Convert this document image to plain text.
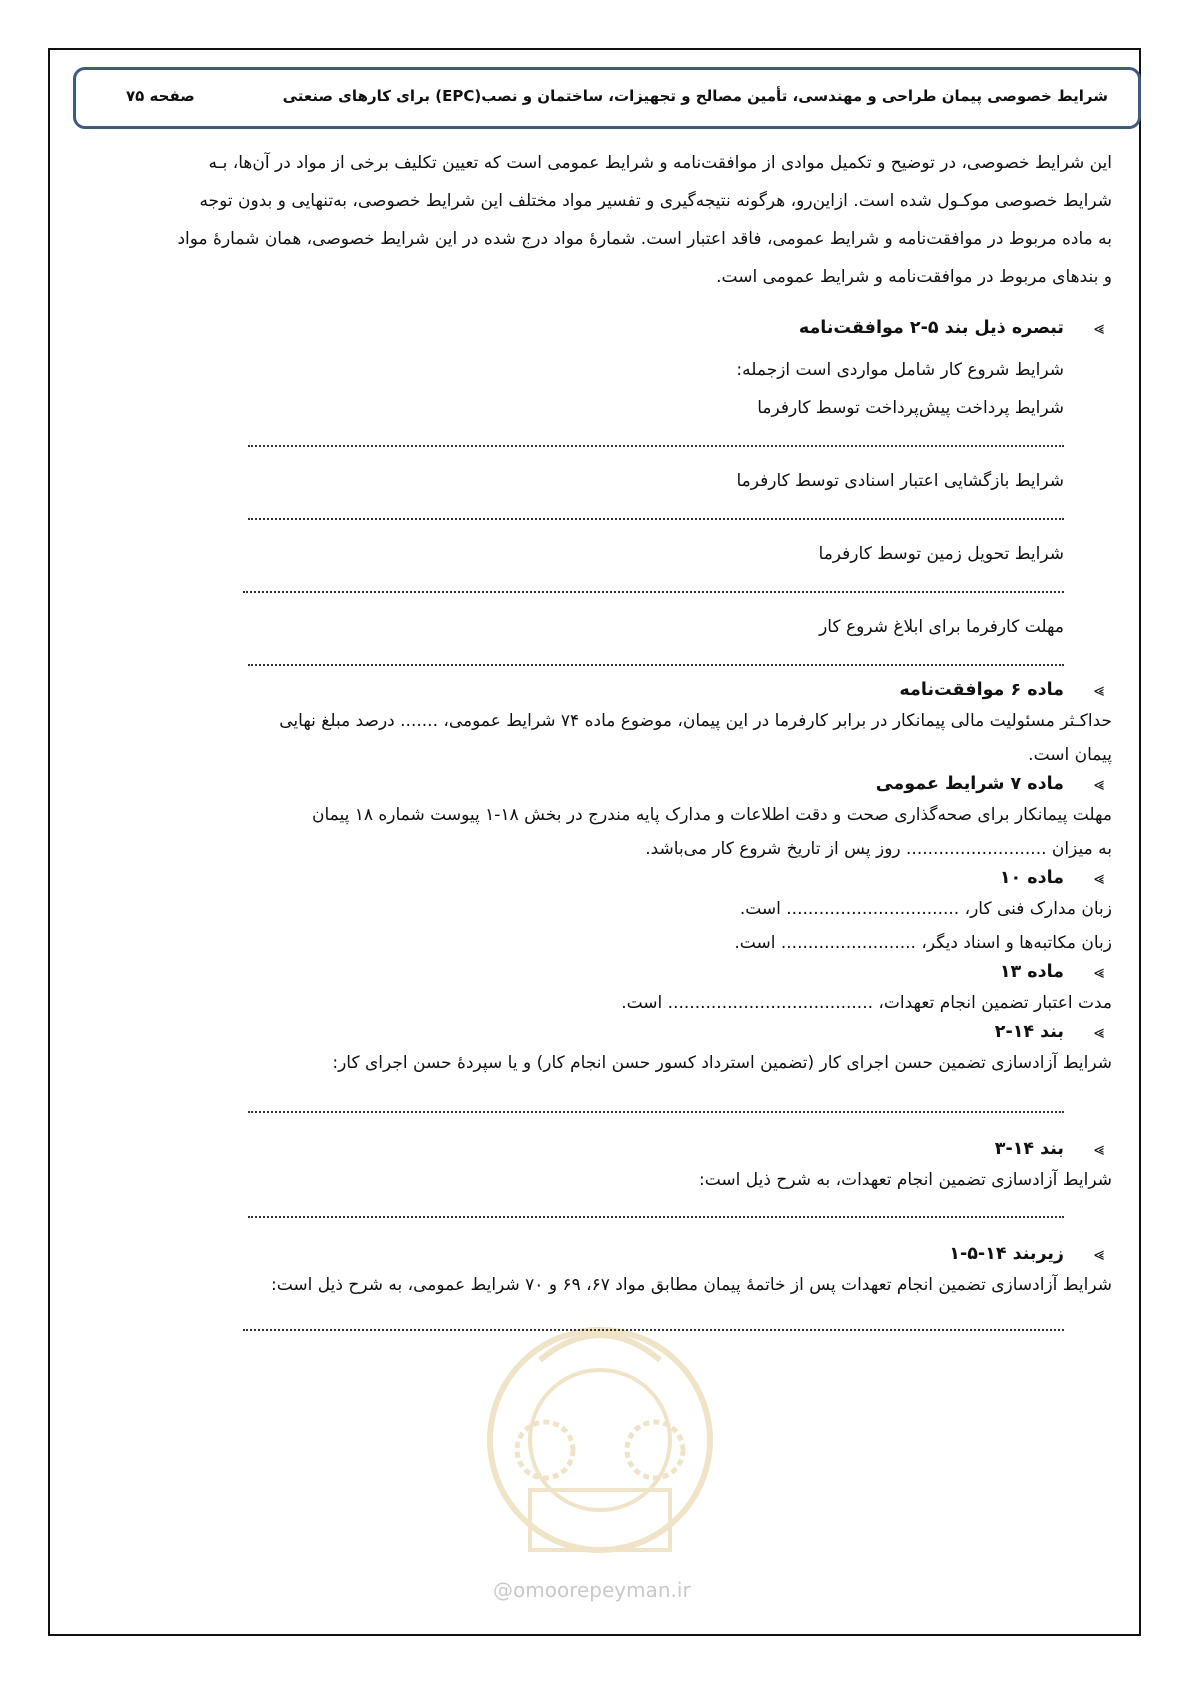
شرایط خصوصی پیمان طراحی و مهندسی، تأمین مصالح و تجهیزات، ساختمان و نصب(EPC) برای کارهای صنعتی
صفحه ۷۵
@omoorepeyman.ir

این شرایط خصوصی، در توضیح و تکمیل موادی از موافقت‌نامه و شرایط عمومی است که تعیین تکلیف برخی از مواد در آن‌ها، بـه

شرایط خصوصی موکـول شده است. ازاین‌رو، هرگونه نتیجه‌گیری و تفسیر مواد مختلف این شرایط خصوصی، به‌تنهایی و بدون توجه

به ماده مربوط در موافقت‌نامه و شرایط عمومی، فاقد اعتبار است. شمارهٔ مواد درج شده در این شرایط خصوصی، همان شمارهٔ مواد

و بندهای مربوط در موافقت‌نامه و شرایط عمومی است.

⪢
تبصره ذیل بند ۵-۲ موافقت‌نامه

شرایط شروع کار شامل مواردی است ازجمله:

شرایط پرداخت پیش‌پرداخت توسط کارفرما

شرایط بازگشایی اعتبار اسنادی توسط کارفرما

شرایط تحویل زمین توسط کارفرما

مهلت کارفرما برای ابلاغ شروع کار

⪢
ماده ۶ موافقت‌نامه

حداکـثر مسئولیت مالی پیمانکار در برابر کارفرما در این پیمان، موضوع ماده ۷۴ شرایط عمومی، ....... درصد مبلغ نهایی

پیمان است.

⪢
ماده ۷ شرایط عمومی

مهلت پیمانکار برای صحه‌گذاری صحت و دقت اطلاعات و مدارک پایه مندرج در بخش ۱۸-۱ پیوست شماره ۱۸ پیمان

به میزان .......................... روز پس از تاریخ شروع کار می‌باشد.

⪢
ماده ۱۰

زبان مدارک فنی کار، ................................ است.

زبان مکاتبه‌ها و اسناد دیگر، ......................... است.

⪢
ماده ۱۳

مدت اعتبار تضمین انجام تعهدات، ...................................... است.

⪢
بند ۱۴-۲

شرایط آزادسازی تضمین حسن اجرای کار (تضمین استرداد کسور حسن انجام کار) و یا سپردهٔ حسن اجرای کار:

⪢
بند ۱۴-۳

شرایط آزادسازی تضمین انجام تعهدات، به شرح ذیل است:

⪢
زیربند ۱۴-۵-۱

شرایط آزادسازی تضمین انجام تعهدات پس از خاتمهٔ پیمان مطابق مواد ۶۷، ۶۹ و ۷۰ شرایط عمومی، به شرح ذیل است:
